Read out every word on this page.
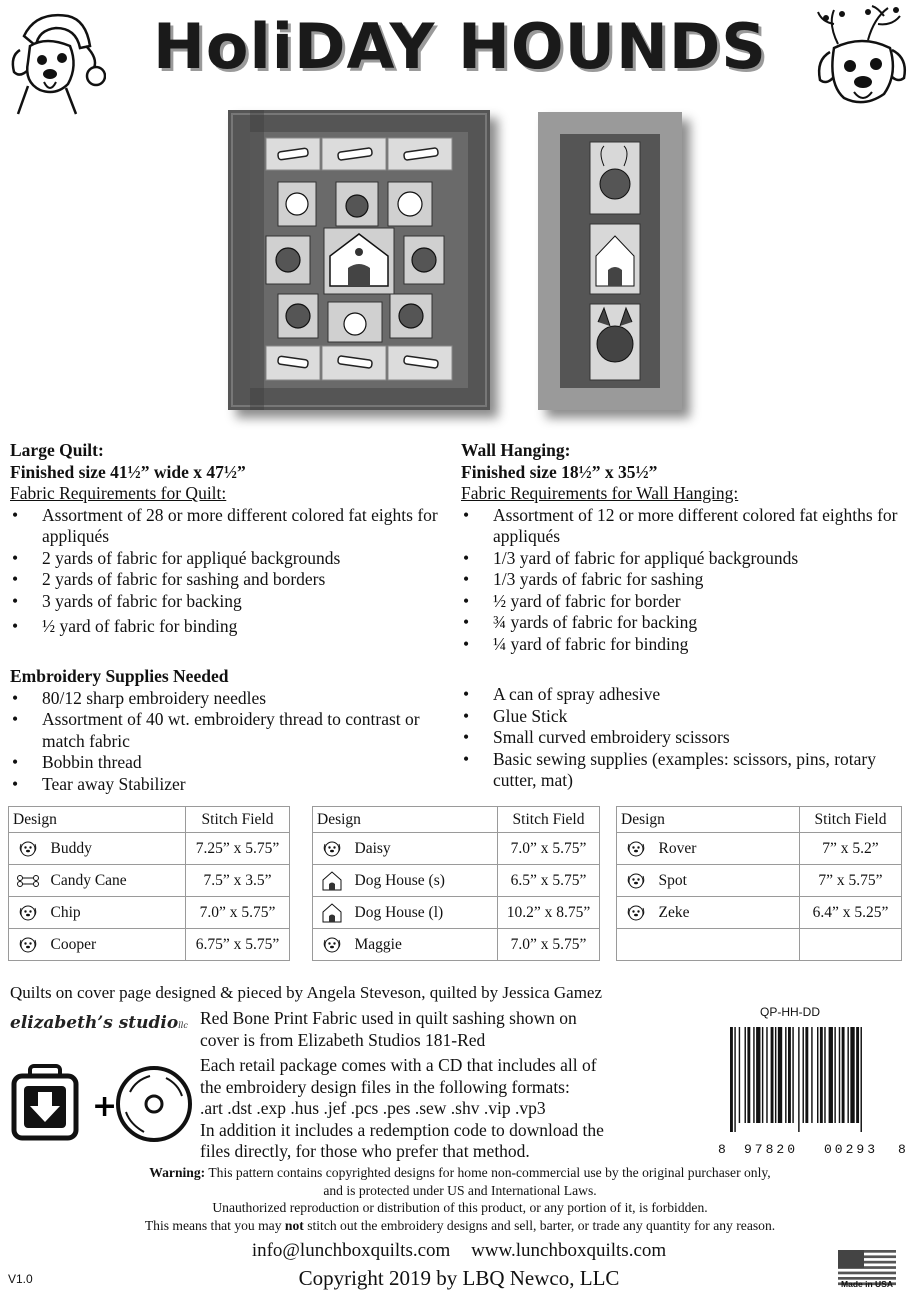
HoliDAY HOUNDS
Large Quilt:
Finished size 41½” wide x 47½”
Fabric Requirements for Quilt:
• Assortment of 28 or more different colored fat eights for appliqués
• 2 yards of fabric for appliqué backgrounds
• 2 yards of fabric for sashing and borders
• 3 yards of fabric for backing
• ½ yard of fabric for binding
Wall Hanging:
Finished size 18½” x 35½”
Fabric Requirements for Wall Hanging:
• Assortment of 12 or more different colored fat eighths for appliqués
• 1/3 yard of fabric for appliqué backgrounds
• 1/3 yards of fabric for sashing
• ½ yard of fabric for border
• ¾ yards of fabric for backing
• ¼ yard of fabric for binding
Embroidery Supplies Needed
• 80/12 sharp embroidery needles
• Assortment of 40 wt. embroidery thread to contrast or match fabric
• Bobbin thread
• Tear away Stabilizer
• A can of spray adhesive
• Glue Stick
• Small curved embroidery scissors
• Basic sewing supplies (examples: scissors, pins, rotary cutter, mat)
Design		Stitch Field
	Buddy	7.25” x 5.75”
	Candy Cane	7.5” x 3.5”
	Chip	7.0” x 5.75”
	Cooper	6.75” x 5.75”
Design		Stitch Field
	Daisy	7.0” x 5.75”
	Dog House (s)	6.5” x 5.75”
	Dog House (l)	10.2” x 8.75”
	Maggie	7.0” x 5.75”
Design		Stitch Field
	Rover	7” x 5.2”
	Spot	7” x 5.75”
	Zeke	6.4” x 5.25”

Quilts on cover page designed & pieced by Angela Steveson, quilted by Jessica Gamez
elizabeth’s studiollc Red Bone Print Fabric used in quilt sashing shown on
cover is from Elizabeth Studios 181-Red
Each retail package comes with a CD that includes all of
the embroidery design files in the following formats:
.art .dst .exp .hus .jef .pcs .pes .sew .shv .vip .vp3
In addition it includes a redemption code to download the
files directly, for those who prefer that method.
+
QP-HH-DD
8 97820 00293 8
Warning: This pattern contains copyrighted designs for home non-commercial use by the original purchaser only,
and is protected under US and International Laws.
Unauthorized reproduction or distribution of this product, or any portion of it, is forbidden.
This means that you may not stitch out the embroidery designs and sell, barter, or trade any quantity for any reason.
info@lunchboxquilts.com www.lunchboxquilts.com
Copyright 2019 by LBQ Newco, LLC
V1.0	Made in USA
